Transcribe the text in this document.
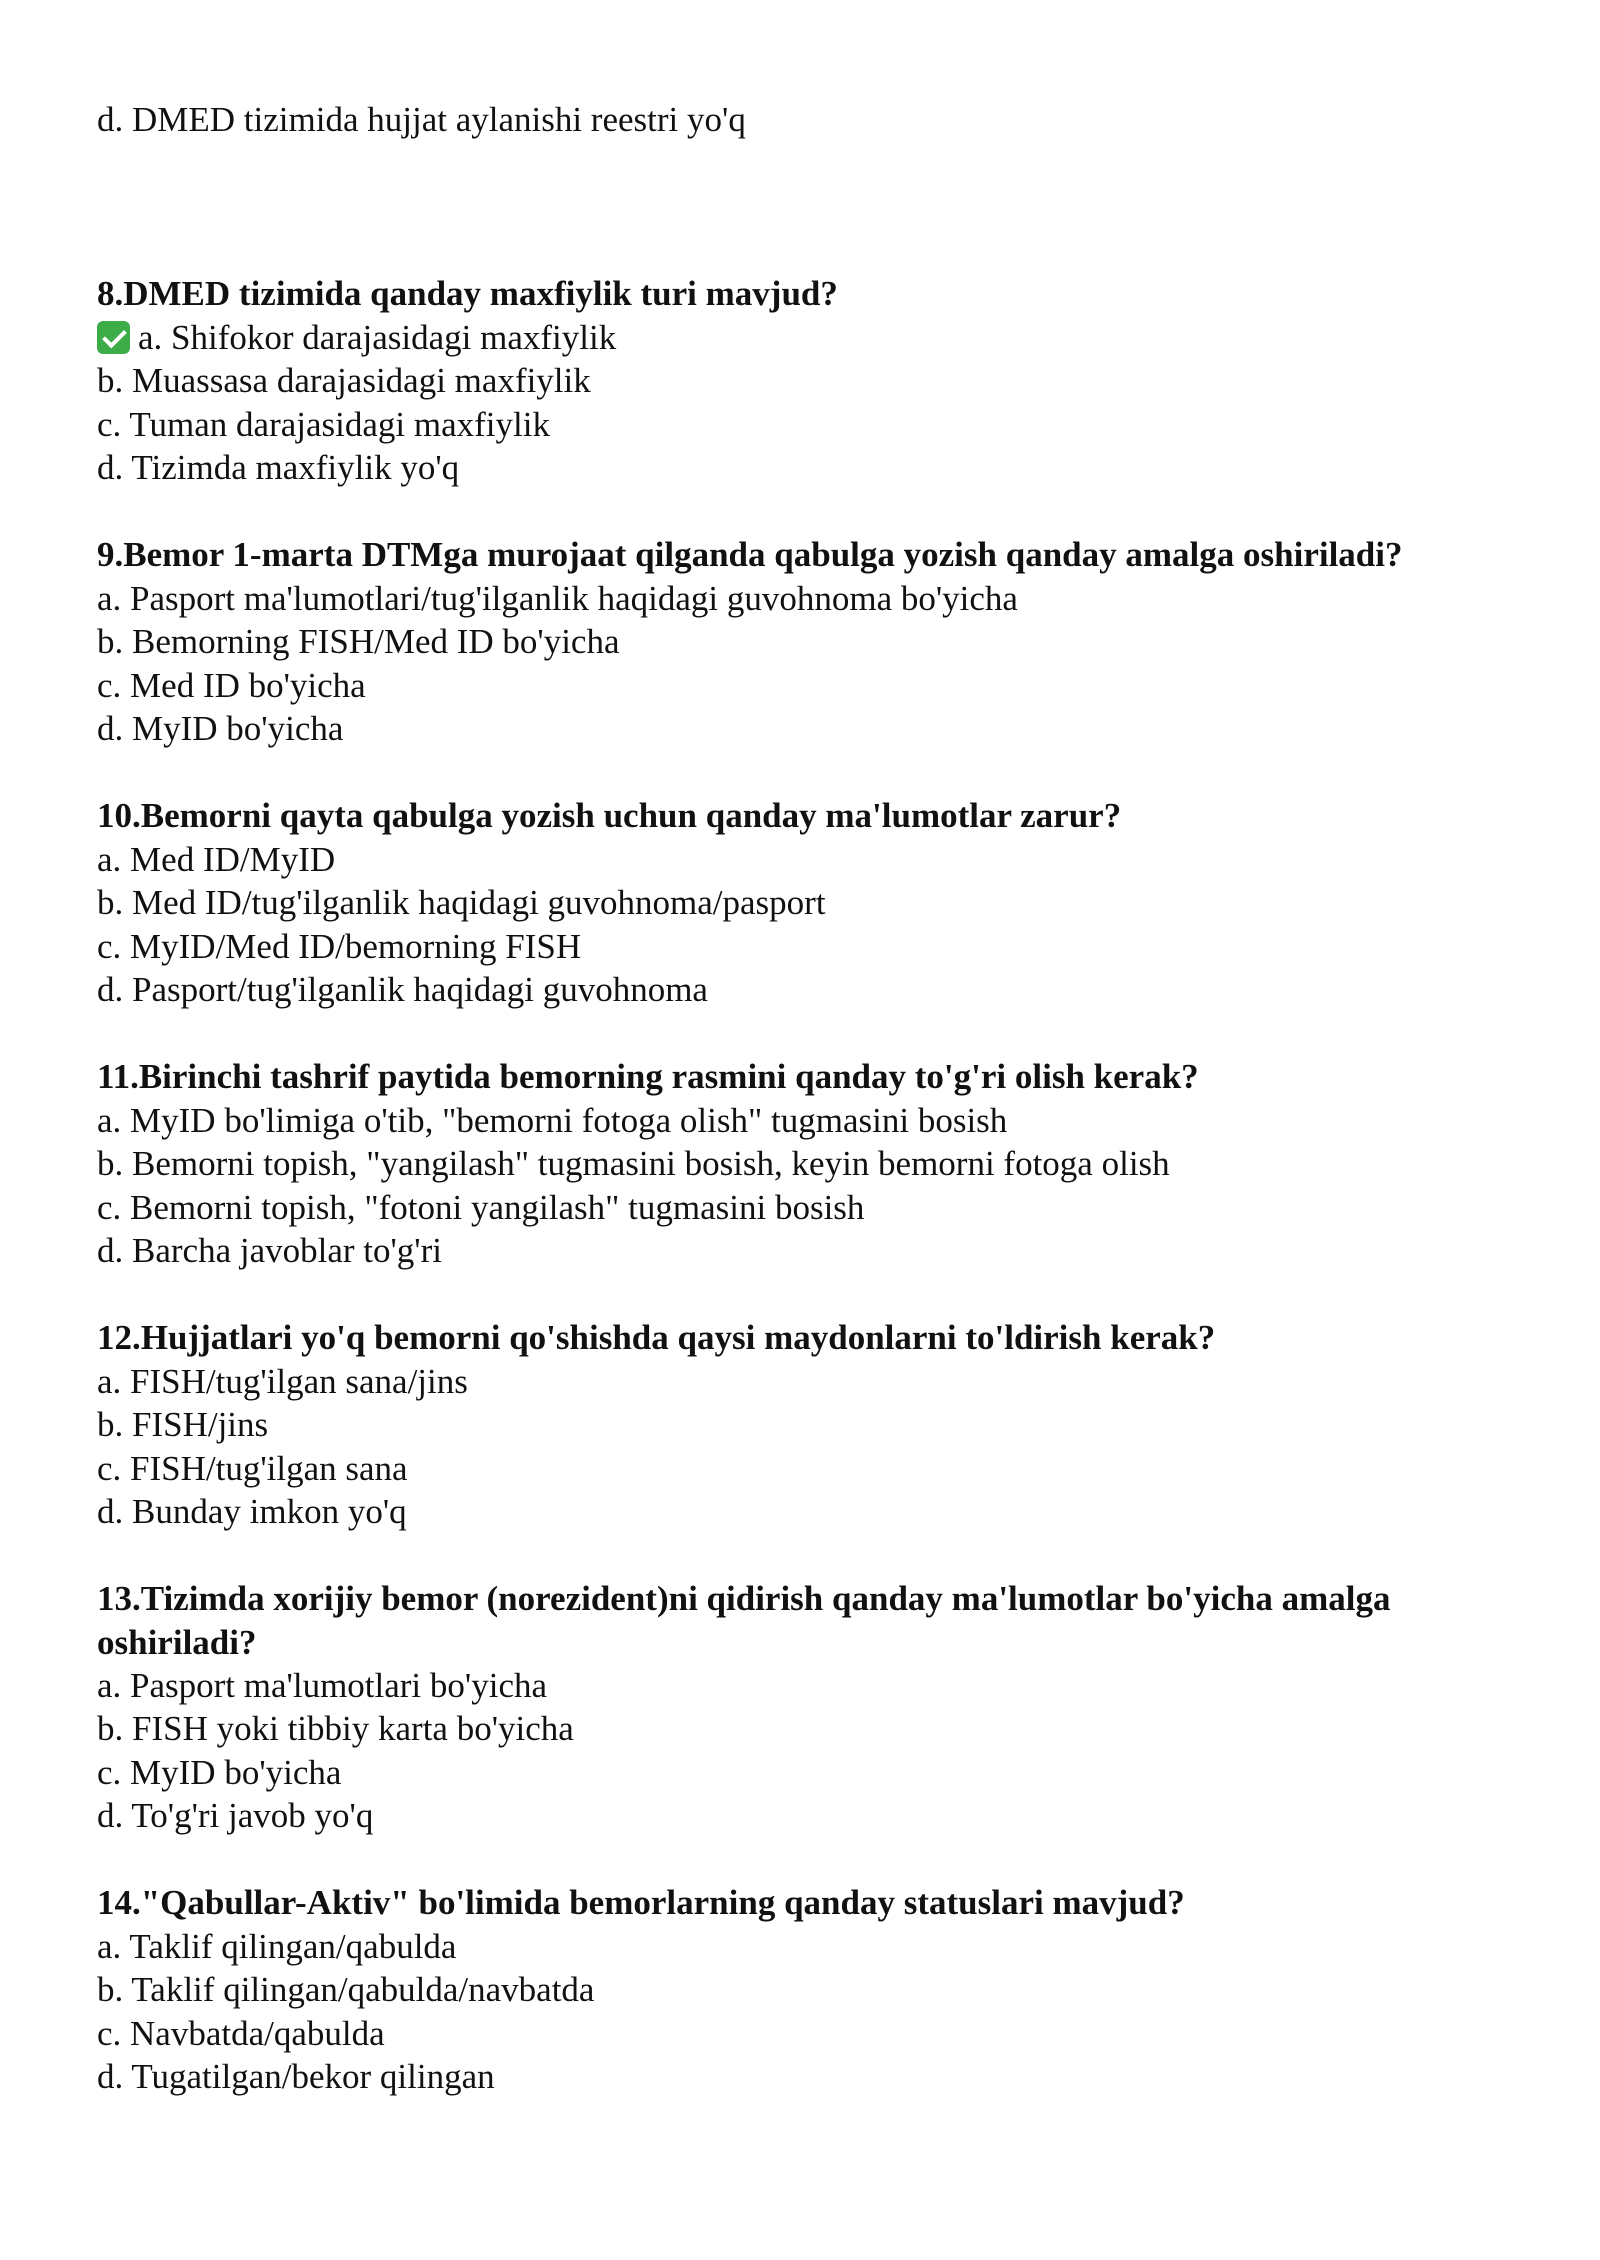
d. DMED tizimida hujjat aylanishi reestri yo'q
8.DMED tizimida qanday maxfiylik turi mavjud?
a. Shifokor darajasidagi maxfiylik
b. Muassasa darajasidagi maxfiylik
c. Tuman darajasidagi maxfiylik
d. Tizimda maxfiylik yo'q
9.Bemor 1-marta DTMga murojaat qilganda qabulga yozish qanday amalga oshiriladi?
a. Pasport ma'lumotlari/tug'ilganlik haqidagi guvohnoma bo'yicha
b. Bemorning FISH/Med ID bo'yicha
c. Med ID bo'yicha
d. MyID bo'yicha
10.Bemorni qayta qabulga yozish uchun qanday ma'lumotlar zarur?
a. Med ID/MyID
b. Med ID/tug'ilganlik haqidagi guvohnoma/pasport
c. MyID/Med ID/bemorning FISH
d. Pasport/tug'ilganlik haqidagi guvohnoma
11.Birinchi tashrif paytida bemorning rasmini qanday to'g'ri olish kerak?
a. MyID bo'limiga o'tib, "bemorni fotoga olish" tugmasini bosish
b. Bemorni topish, "yangilash" tugmasini bosish, keyin bemorni fotoga olish
c. Bemorni topish, "fotoni yangilash" tugmasini bosish
d. Barcha javoblar to'g'ri
12.Hujjatlari yo'q bemorni qo'shishda qaysi maydonlarni to'ldirish kerak?
a. FISH/tug'ilgan sana/jins
b. FISH/jins
c. FISH/tug'ilgan sana
d. Bunday imkon yo'q
13.Tizimda xorijiy bemor (norezident)ni qidirish qanday ma'lumotlar bo'yicha amalga oshiriladi?
a. Pasport ma'lumotlari bo'yicha
b. FISH yoki tibbiy karta bo'yicha
c. MyID bo'yicha
d. To'g'ri javob yo'q
14."Qabullar-Aktiv" bo'limida bemorlarning qanday statuslari mavjud?
a. Taklif qilingan/qabulda
b. Taklif qilingan/qabulda/navbatda
c. Navbatda/qabulda
d. Tugatilgan/bekor qilingan
